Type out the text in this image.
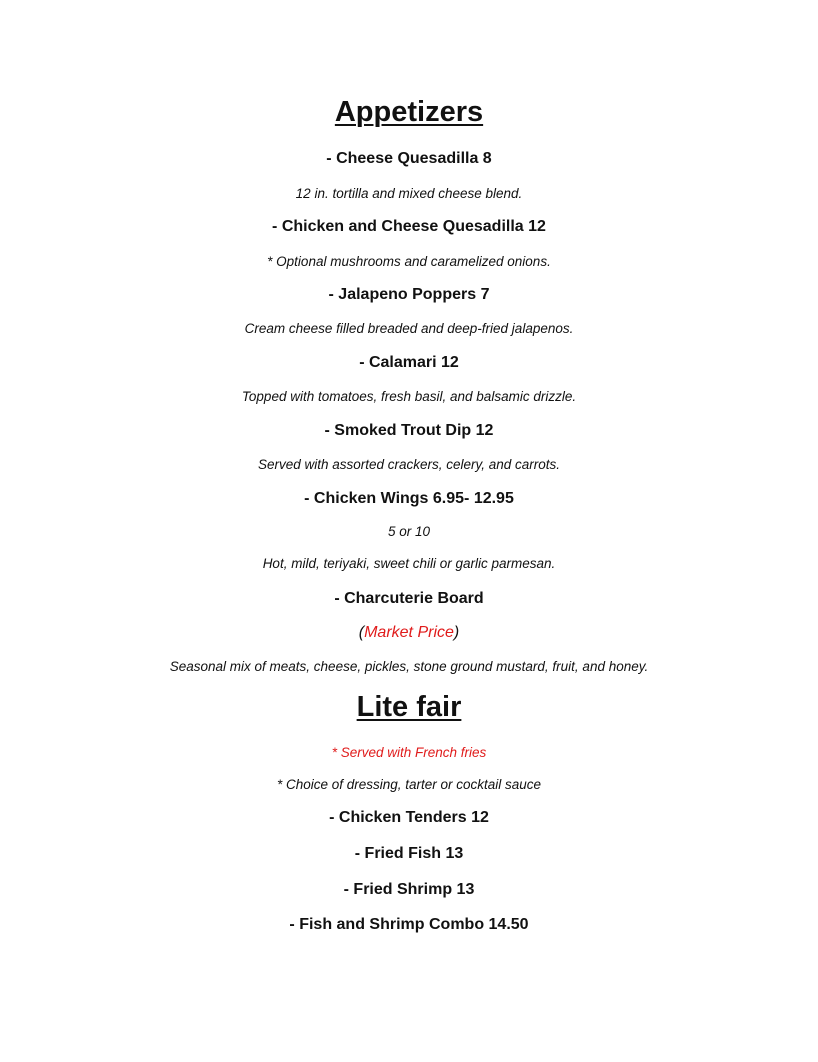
Appetizers
- Cheese Quesadilla 8
12 in. tortilla and mixed cheese blend.
- Chicken and Cheese Quesadilla 12
* Optional mushrooms and caramelized onions.
- Jalapeno Poppers 7
Cream cheese filled breaded and deep-fried jalapenos.
- Calamari 12
Topped with tomatoes, fresh basil, and balsamic drizzle.
- Smoked Trout Dip 12
Served with assorted crackers, celery, and carrots.
- Chicken Wings 6.95- 12.95
5 or 10
Hot, mild, teriyaki, sweet chili or garlic parmesan.
- Charcuterie Board
(Market Price)
Seasonal mix of meats, cheese, pickles, stone ground mustard, fruit, and honey.
Lite fair
* Served with French fries
* Choice of dressing, tarter or cocktail sauce
- Chicken Tenders 12
- Fried Fish 13
- Fried Shrimp 13
- Fish and Shrimp Combo 14.50
